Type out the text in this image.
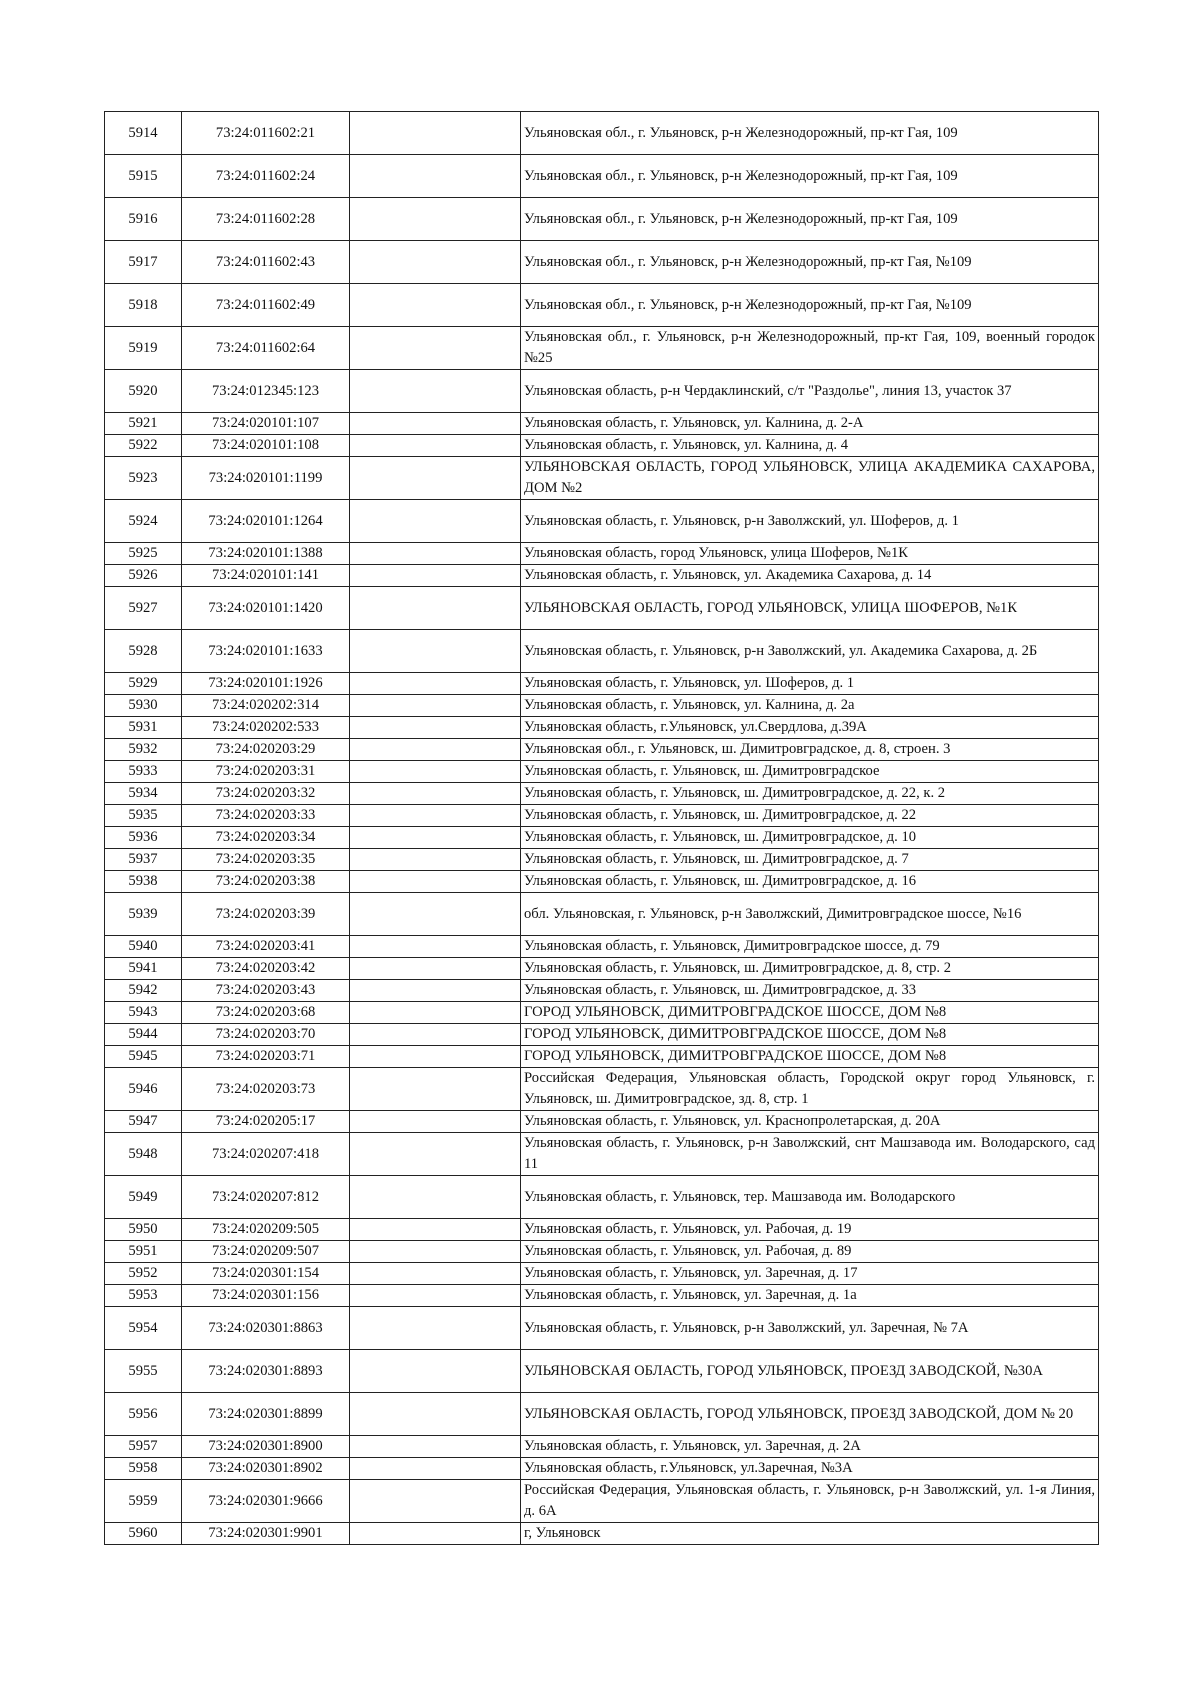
5914	73:24:011602:21		Ульяновская обл., г. Ульяновск, р-н Железнодорожный, пр-кт Гая, 109
5915	73:24:011602:24		Ульяновская обл., г. Ульяновск, р-н Железнодорожный, пр-кт Гая, 109
5916	73:24:011602:28		Ульяновская обл., г. Ульяновск, р-н Железнодорожный, пр-кт Гая, 109
5917	73:24:011602:43		Ульяновская обл., г. Ульяновск, р-н Железнодорожный, пр-кт Гая, №109
5918	73:24:011602:49		Ульяновская обл., г. Ульяновск, р-н Железнодорожный, пр-кт Гая, №109
5919	73:24:011602:64		Ульяновская обл., г. Ульяновск, р-н Железнодорожный, пр-кт Гая, 109, военный городок №25
5920	73:24:012345:123		Ульяновская область, р-н Чердаклинский, с/т "Раздолье", линия 13, участок 37
5921	73:24:020101:107		Ульяновская область, г. Ульяновск, ул. Калнина, д. 2-А
5922	73:24:020101:108		Ульяновская область, г. Ульяновск, ул. Калнина, д. 4
5923	73:24:020101:1199		УЛЬЯНОВСКАЯ ОБЛАСТЬ, ГОРОД УЛЬЯНОВСК, УЛИЦА АКАДЕМИКА САХАРОВА, ДОМ №2
5924	73:24:020101:1264		Ульяновская область, г. Ульяновск, р-н Заволжский, ул. Шоферов, д. 1
5925	73:24:020101:1388		Ульяновская область, город Ульяновск, улица Шоферов, №1К
5926	73:24:020101:141		Ульяновская область, г. Ульяновск, ул. Академика Сахарова, д. 14
5927	73:24:020101:1420		УЛЬЯНОВСКАЯ ОБЛАСТЬ, ГОРОД УЛЬЯНОВСК, УЛИЦА ШОФЕРОВ, №1К
5928	73:24:020101:1633		Ульяновская область, г. Ульяновск, р-н Заволжский, ул. Академика Сахарова, д. 2Б
5929	73:24:020101:1926		Ульяновская область, г. Ульяновск, ул. Шоферов, д. 1
5930	73:24:020202:314		Ульяновская область, г. Ульяновск, ул. Калнина, д. 2а
5931	73:24:020202:533		Ульяновская область, г.Ульяновск, ул.Свердлова, д.39А
5932	73:24:020203:29		Ульяновская обл., г. Ульяновск, ш. Димитровградское, д. 8, строен. 3
5933	73:24:020203:31		Ульяновская область, г. Ульяновск, ш. Димитровградское
5934	73:24:020203:32		Ульяновская область, г. Ульяновск, ш. Димитровградское, д. 22, к. 2
5935	73:24:020203:33		Ульяновская область, г. Ульяновск, ш. Димитровградское, д. 22
5936	73:24:020203:34		Ульяновская область, г. Ульяновск, ш. Димитровградское, д. 10
5937	73:24:020203:35		Ульяновская область, г. Ульяновск, ш. Димитровградское, д. 7
5938	73:24:020203:38		Ульяновская область, г. Ульяновск, ш. Димитровградское, д. 16
5939	73:24:020203:39		обл. Ульяновская, г. Ульяновск, р-н Заволжский, Димитровградское шоссе, №16
5940	73:24:020203:41		Ульяновская область, г. Ульяновск, Димитровградское шоссе, д. 79
5941	73:24:020203:42		Ульяновская область, г. Ульяновск, ш. Димитровградское, д. 8, стр. 2
5942	73:24:020203:43		Ульяновская область, г. Ульяновск, ш. Димитровградское, д. 33
5943	73:24:020203:68		ГОРОД УЛЬЯНОВСК, ДИМИТРОВГРАДСКОЕ ШОССЕ, ДОМ №8
5944	73:24:020203:70		ГОРОД УЛЬЯНОВСК, ДИМИТРОВГРАДСКОЕ ШОССЕ, ДОМ №8
5945	73:24:020203:71		ГОРОД УЛЬЯНОВСК, ДИМИТРОВГРАДСКОЕ ШОССЕ, ДОМ №8
5946	73:24:020203:73		Российская Федерация, Ульяновская область, Городской округ город Ульяновск, г. Ульяновск, ш. Димитровградское, зд. 8, стр. 1
5947	73:24:020205:17		Ульяновская область, г. Ульяновск, ул. Краснопролетарская, д. 20А
5948	73:24:020207:418		Ульяновская область, г. Ульяновск, р-н Заволжский, снт Машзавода им. Володарского, сад 11
5949	73:24:020207:812		Ульяновская область, г. Ульяновск, тер. Машзавода им. Володарского
5950	73:24:020209:505		Ульяновская область, г. Ульяновск, ул. Рабочая, д. 19
5951	73:24:020209:507		Ульяновская область, г. Ульяновск, ул. Рабочая, д. 89
5952	73:24:020301:154		Ульяновская область, г. Ульяновск, ул. Заречная, д. 17
5953	73:24:020301:156		Ульяновская область, г. Ульяновск, ул. Заречная, д. 1а
5954	73:24:020301:8863		Ульяновская область, г. Ульяновск, р-н Заволжский, ул. Заречная, № 7А
5955	73:24:020301:8893		УЛЬЯНОВСКАЯ ОБЛАСТЬ, ГОРОД УЛЬЯНОВСК, ПРОЕЗД ЗАВОДСКОЙ, №30А
5956	73:24:020301:8899		УЛЬЯНОВСКАЯ ОБЛАСТЬ, ГОРОД УЛЬЯНОВСК, ПРОЕЗД ЗАВОДСКОЙ, ДОМ № 20
5957	73:24:020301:8900		Ульяновская область, г. Ульяновск, ул. Заречная, д. 2А
5958	73:24:020301:8902		Ульяновская область, г.Ульяновск, ул.Заречная, №3А
5959	73:24:020301:9666		Российская Федерация, Ульяновская область, г. Ульяновск, р-н Заволжский, ул. 1-я Линия, д. 6А
5960	73:24:020301:9901		г, Ульяновск
